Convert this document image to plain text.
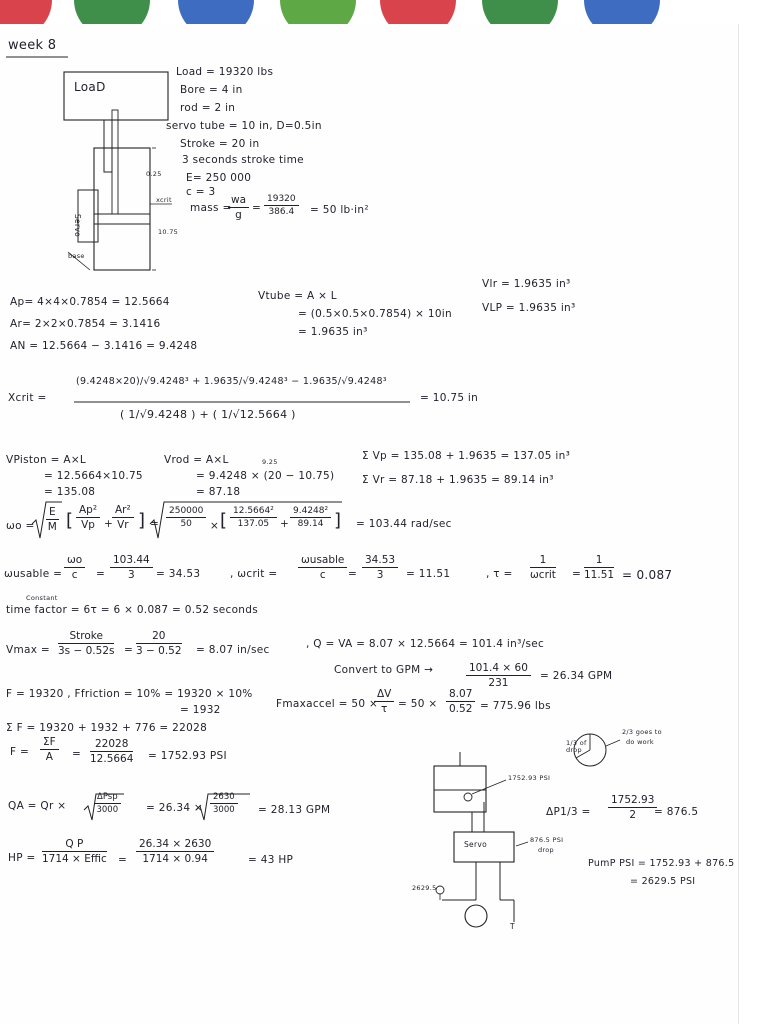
week 8
LoaD
Servo
0.25
xcrit
10.75
base
Load = 19320 lbs
Bore = 4 in
rod = 2 in
servo tube = 10 in, D=0.5in
Stroke = 20 in
3 seconds stroke time
E= 250 000
c = 3
mass =
$\frac{wa}{g} = \frac{19320}{386.4} = 50$ lb·in²
Ap= 4×4×0.7854 = 12.5664
Ar= 2×2×0.7854 = 3.1416
AN = 12.5664 − 3.1416 = 9.4248
Vtube = A × L
= (0.5×0.5×0.7854) × 10in
= 1.9635 in³
Vlr = 1.9635 in³
VLP = 1.9635 in³
Xcrit =
(9.4248×20)/√9.4248³ + 1.9635/√9.4248³ − 1.9635/√9.4248³
( 1/√9.4248 ) + ( 1/√12.5664 )
= 10.75 in
VPiston = A×L
= 12.5664×10.75
= 135.08
Vrod = A×L	9.25
= 9.4248 × (20 − 10.75)
= 87.18
Σ Vp = 135.08 + 1.9635 = 137.05 in³
Σ Vr = 87.18 + 1.9635 = 89.14 in³
$\omega o = \frac{E}{M}$ [ $\frac{\text{Ap²}}{Vp}$ +
$\frac{\text{Ar²}}{Vr}$ ] = $\frac{250000}{50}$ × [ $\frac{\text{12.5664²}}{137.05} + \frac{\text{9.4248²}}{89.14}$ ] = 103.44 rad/sec
ωusable = $\frac{\omega o}{c} = \frac{103.44}{3} = 34.53$	, ωcrit =
ωusable
c	= $\frac{34.53}{3} = 11.51$	, τ =
1
ωcrit = $\frac{1}{11.51} = 0.087$
Constant
time factor = 6τ = 6 × 0.087 = 0.52 seconds
Vmax =
Stroke
$3s - 0.52s = \frac{20}{3 - 0.52} = 8.07$ in/sec	, Q = VA = 8.07 × 12.5664 = 101.4 in³/sec
Convert to GPM →	$\frac{101.4 \times 60}{231} = 26.34$ GPM
F = 19320 , Ffriction = 10% = 19320 × 10%
= 1932	Fmaxaccel = 50 ×
$\frac{\Delta V}{\tau} = 50 \times \frac{8.07}{0.52} = 775.96$ lbs
Σ F = 19320 + 1932 + 776 = 22028
$F = \frac{\Sigma F}{A} = \frac{22028}{12.5664} = 1752.93$ PSI
QA = Qr ×
ΔPsp
3000	= $26.34 \times \frac{2630}{3000} = 28.13$ GPM
HP =
Q P
1714 × Effic = $\frac{26.34 \times 2630}{1714 \times 0.94}$	= 43 HP
1752.93 PSI
Servo	876.5 PSI
drop
2629.5
T
1/3 of drop
2/3 goes to
do work
$\Delta P1/3 = \frac{1752.93}{2}$
= 876.5
PumP PSI = 1752.93 + 876.5
= 2629.5 PSI
